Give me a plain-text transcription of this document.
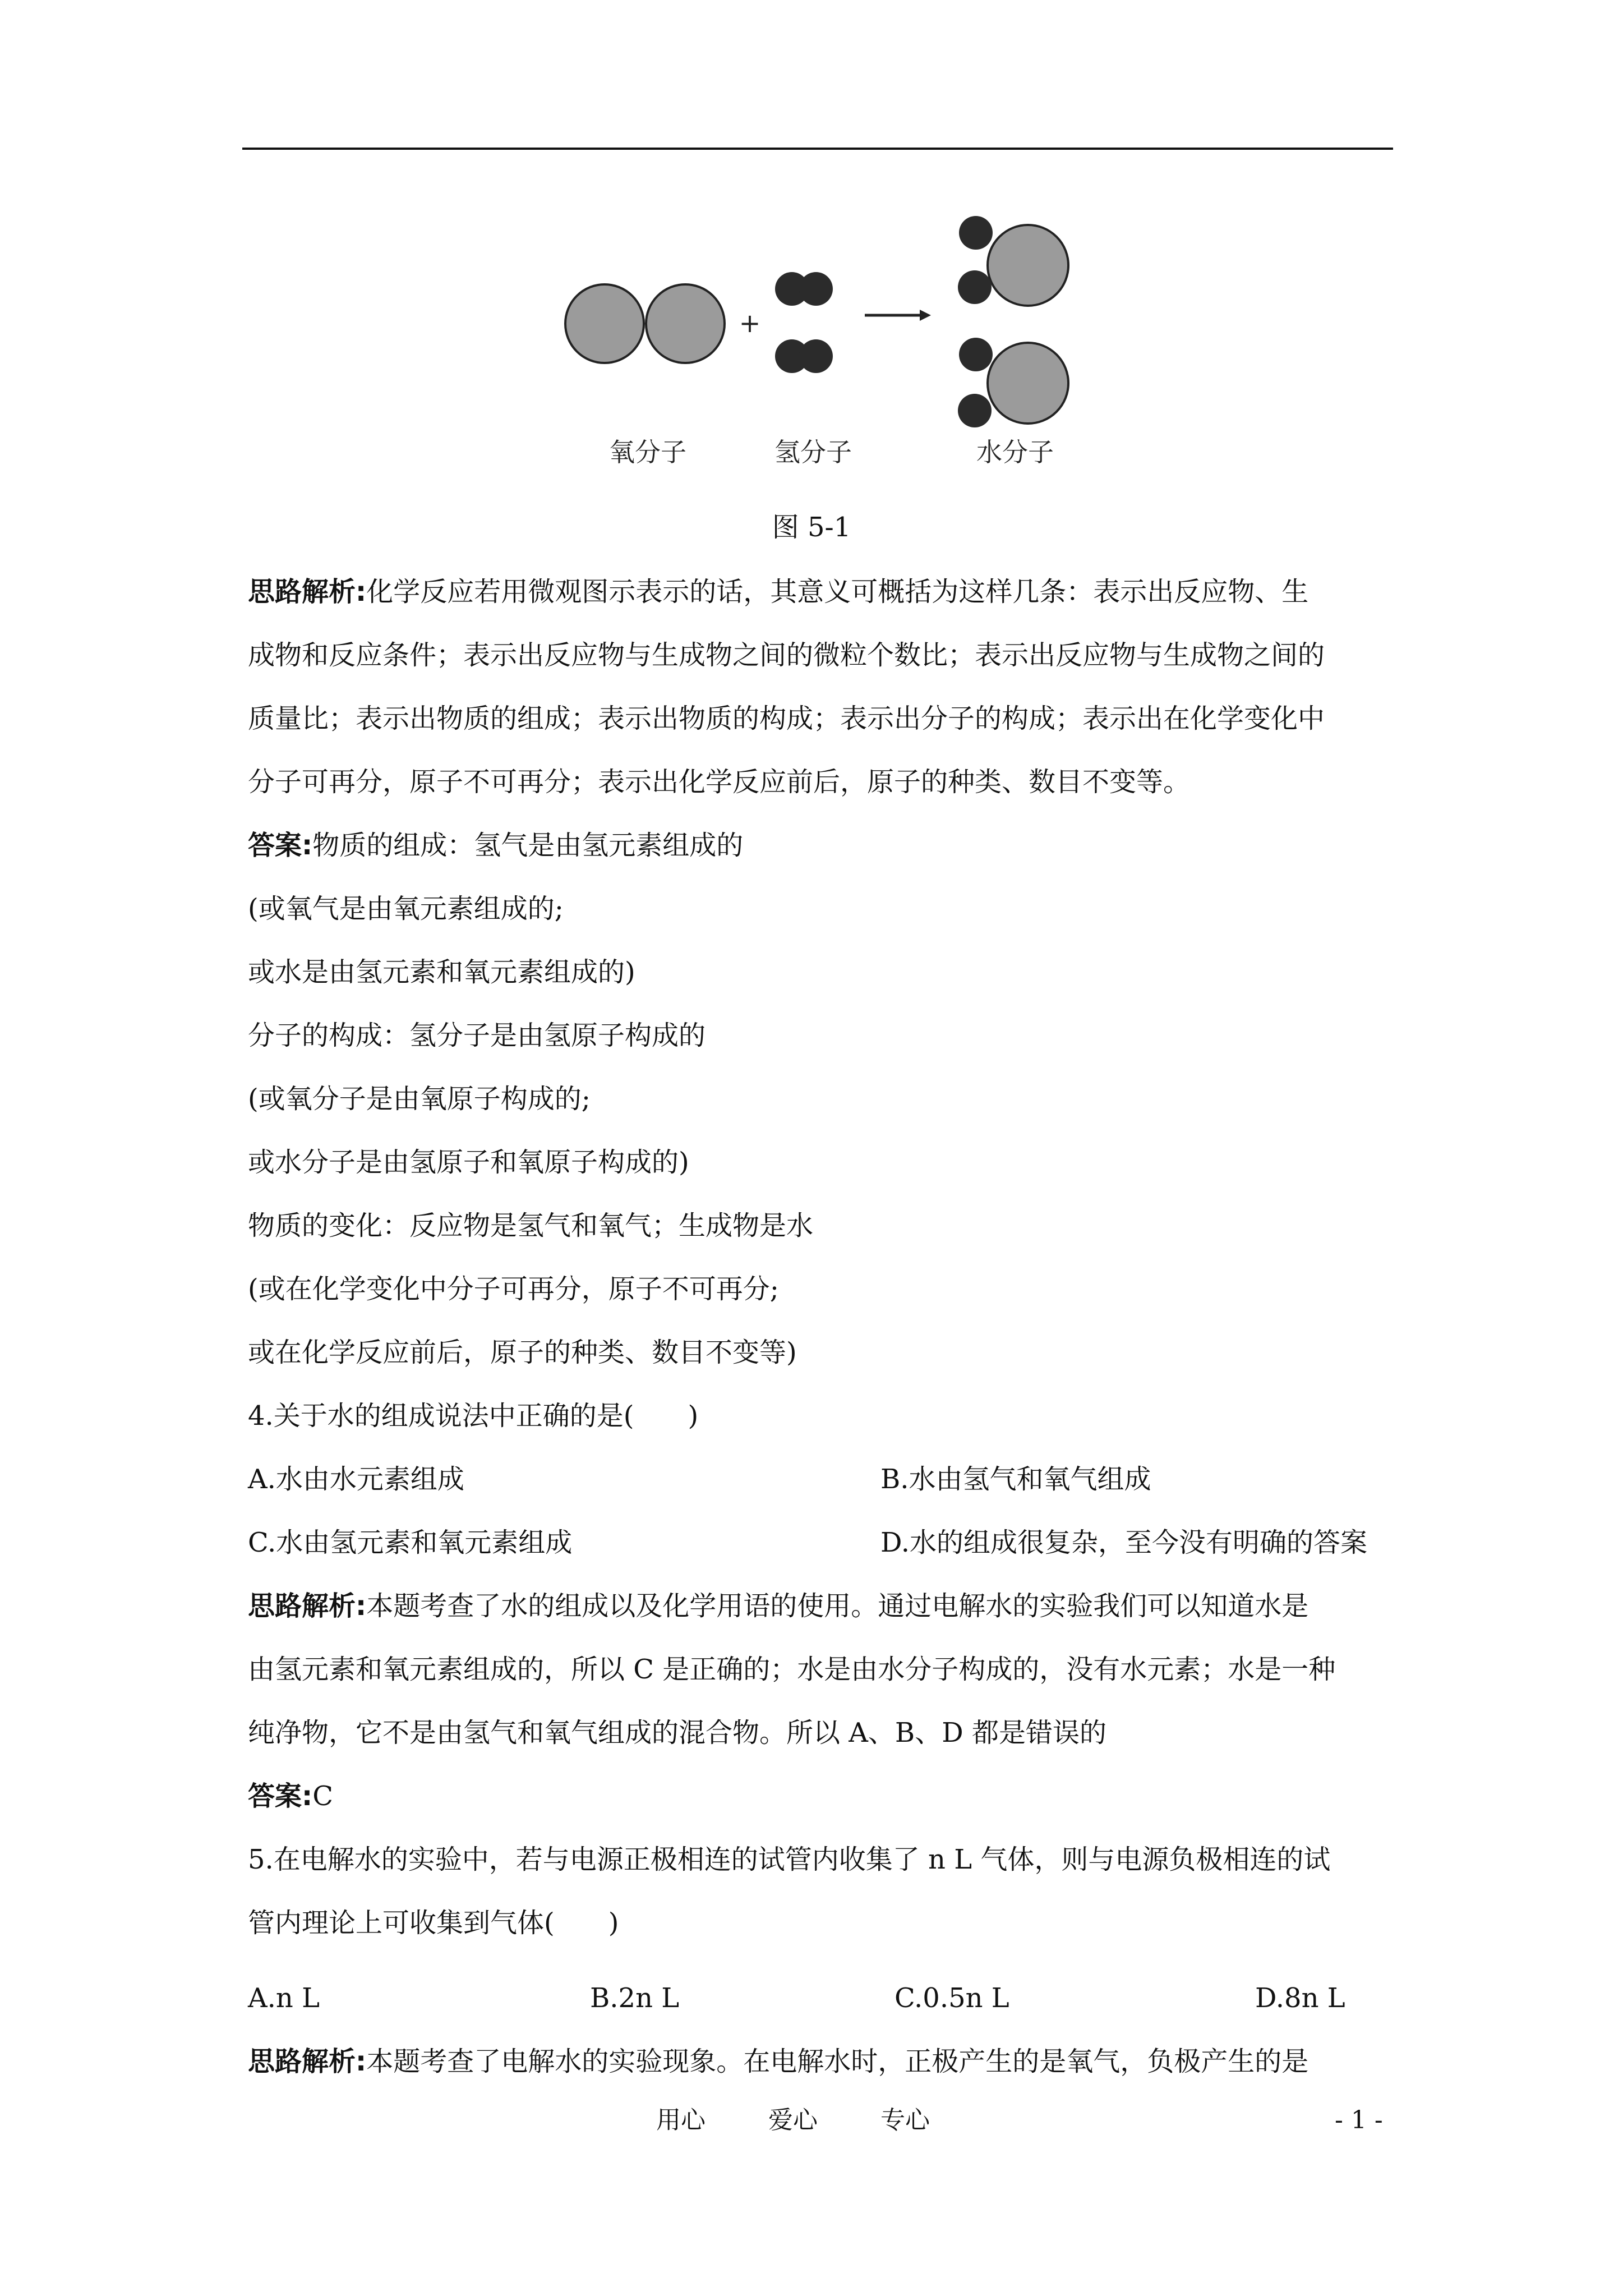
+
氧分子	氢分子	水分子
图 5-1
思路解析:化学反应若用微观图示表示的话，其意义可概括为这样几条：表示出反应物、生
成物和反应条件；表示出反应物与生成物之间的微粒个数比；表示出反应物与生成物之间的
质量比；表示出物质的组成；表示出物质的构成；表示出分子的构成；表示出在化学变化中
分子可再分，原子不可再分；表示出化学反应前后，原子的种类、数目不变等。
答案:物质的组成：氢气是由氢元素组成的
(或氧气是由氧元素组成的;
或水是由氢元素和氧元素组成的)
分子的构成：氢分子是由氢原子构成的
(或氧分子是由氧原子构成的;
或水分子是由氢原子和氧原子构成的)
物质的变化：反应物是氢气和氧气；生成物是水
(或在化学变化中分子可再分，原子不可再分;
或在化学反应前后，原子的种类、数目不变等)
4.关于水的组成说法中正确的是(　　)
A.水由水元素组成	B.水由氢气和氧气组成
C.水由氢元素和氧元素组成	D.水的组成很复杂，至今没有明确的答案
思路解析:本题考查了水的组成以及化学用语的使用。通过电解水的实验我们可以知道水是
由氢元素和氧元素组成的，所以 C 是正确的；水是由水分子构成的，没有水元素；水是一种
纯净物，它不是由氢气和氧气组成的混合物。所以 A、B、D 都是错误的
答案:C
5.在电解水的实验中，若与电源正极相连的试管内收集了 n L 气体，则与电源负极相连的试
管内理论上可收集到气体(　　)
A.n L	B.2n L	C.0.5n L	D.8n L
思路解析:本题考查了电解水的实验现象。在电解水时，正极产生的是氧气，负极产生的是
用心	爱心	专心	- 1 -
